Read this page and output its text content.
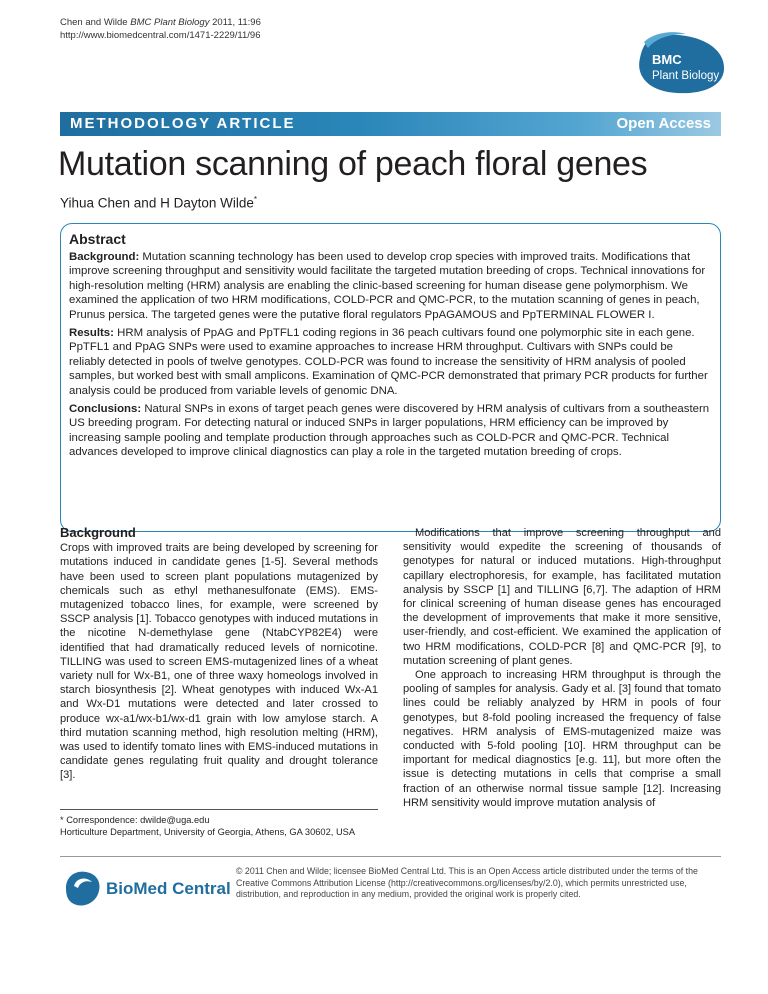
Chen and Wilde BMC Plant Biology 2011, 11:96
http://www.biomedcentral.com/1471-2229/11/96
BMC
Plant Biology
METHODOLOGY ARTICLE	Open Access
Mutation scanning of peach floral genes
Yihua Chen and H Dayton Wilde*
Abstract

Background: Mutation scanning technology has been used to develop crop species with improved traits. Modifications that improve screening throughput and sensitivity would facilitate the targeted mutation breeding of crops. Technical innovations for high-resolution melting (HRM) analysis are enabling the clinic-based screening for human disease gene polymorphism. We examined the application of two HRM modifications, COLD-PCR and QMC-PCR, to the mutation scanning of genes in peach, Prunus persica. The targeted genes were the putative floral regulators PpAGAMOUS and PpTERMINAL FLOWER I.

Results: HRM analysis of PpAG and PpTFL1 coding regions in 36 peach cultivars found one polymorphic site in each gene. PpTFL1 and PpAG SNPs were used to examine approaches to increase HRM throughput. Cultivars with SNPs could be reliably detected in pools of twelve genotypes. COLD-PCR was found to increase the sensitivity of HRM analysis of pooled samples, but worked best with small amplicons. Examination of QMC-PCR demonstrated that primary PCR products for further analysis could be produced from variable levels of genomic DNA.

Conclusions: Natural SNPs in exons of target peach genes were discovered by HRM analysis of cultivars from a southeastern US breeding program. For detecting natural or induced SNPs in larger populations, HRM efficiency can be improved by increasing sample pooling and template production through approaches such as COLD-PCR and QMC-PCR. Technical advances developed to improve clinical diagnostics can play a role in the targeted mutation breeding of crops.

Background

Crops with improved traits are being developed by screening for mutations induced in candidate genes [1-5]. Several methods have been used to screen plant populations mutagenized by chemicals such as ethyl methanesulfonate (EMS). EMS-mutagenized tobacco lines, for example, were screened by SSCP analysis [1]. Tobacco genotypes with induced mutations in the nicotine N-demethylase gene (NtabCYP82E4) were identified that had dramatically reduced levels of nornicotine. TILLING was used to screen EMS-mutagenized lines of a wheat variety null for Wx-B1, one of three waxy homeologs involved in starch biosynthesis [2]. Wheat genotypes with induced Wx-A1 and Wx-D1 mutations were detected and later crossed to produce wx-a1/wx-b1/wx-d1 grain with low amylose starch. A third mutation scanning method, high resolution melting (HRM), was used to identify tomato lines with EMS-induced mutations in candidate genes regulating fruit quality and drought tolerance [3].

Modifications that improve screening throughput and sensitivity would expedite the screening of thousands of genotypes for natural or induced mutations. High-throughput capillary electrophoresis, for example, has facilitated mutation analysis by SSCP [1] and TILLING [6,7]. The adaption of HRM for clinical screening of human disease genes has encouraged the development of improvements that make it more sensitive, user-friendly, and cost-efficient. We examined the application of two HRM modifications, COLD-PCR [8] and QMC-PCR [9], to mutation screening of plant genes.

One approach to increasing HRM throughput is through the pooling of samples for analysis. Gady et al. [3] found that tomato lines could be reliably analyzed by HRM in pools of four genotypes, but 8-fold pooling increased the frequency of false negatives. HRM analysis of EMS-mutagenized maize was conducted with 5-fold pooling [10]. HRM throughput can be important for medical diagnostics [e.g. 11], but more often the issue is detecting mutations in cells that comprise a small fraction of an otherwise normal tissue sample [12]. Increasing HRM sensitivity would improve mutation analysis of

* Correspondence: dwilde@uga.edu
Horticulture Department, University of Georgia, Athens, GA 30602, USA
BioMed Central
© 2011 Chen and Wilde; licensee BioMed Central Ltd. This is an Open Access article distributed under the terms of the Creative Commons Attribution License (http://creativecommons.org/licenses/by/2.0), which permits unrestricted use, distribution, and reproduction in any medium, provided the original work is properly cited.
